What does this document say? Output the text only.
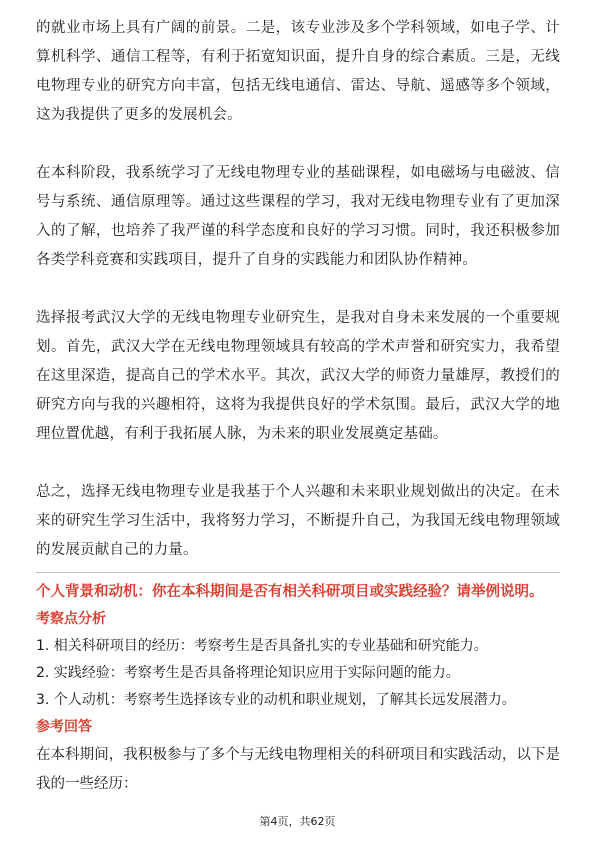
的就业市场上具有广阔的前景。二是，该专业涉及多个学科领域，如电子学、计算机科学、通信工程等，有利于拓宽知识面，提升自身的综合素质。三是，无线电物理专业的研究方向丰富，包括无线电通信、雷达、导航、遥感等多个领域，这为我提供了更多的发展机会。

在本科阶段，我系统学习了无线电物理专业的基础课程，如电磁场与电磁波、信号与系统、通信原理等。通过这些课程的学习，我对无线电物理专业有了更加深入的了解，也培养了我严谨的科学态度和良好的学习习惯。同时，我还积极参加各类学科竞赛和实践项目，提升了自身的实践能力和团队协作精神。

选择报考武汉大学的无线电物理专业研究生，是我对自身未来发展的一个重要规划。首先，武汉大学在无线电物理领域具有较高的学术声誉和研究实力，我希望在这里深造，提高自己的学术水平。其次，武汉大学的师资力量雄厚，教授们的研究方向与我的兴趣相符，这将为我提供良好的学术氛围。最后，武汉大学的地理位置优越，有利于我拓展人脉，为未来的职业发展奠定基础。

总之，选择无线电物理专业是我基于个人兴趣和未来职业规划做出的决定。在未来的研究生学习生活中，我将努力学习，不断提升自己，为我国无线电物理领域的发展贡献自己的力量。

个人背景和动机：你在本科期间是否有相关科研项目或实践经验？请举例说明。

考察点分析

1. 相关科研项目的经历：考察考生是否具备扎实的专业基础和研究能力。

2. 实践经验：考察考生是否具备将理论知识应用于实际问题的能力。

3. 个人动机：考察考生选择该专业的动机和职业规划，了解其长远发展潜力。

参考回答

在本科期间，我积极参与了多个与无线电物理相关的科研项目和实践活动，以下是我的一些经历：

第4页，共62页
